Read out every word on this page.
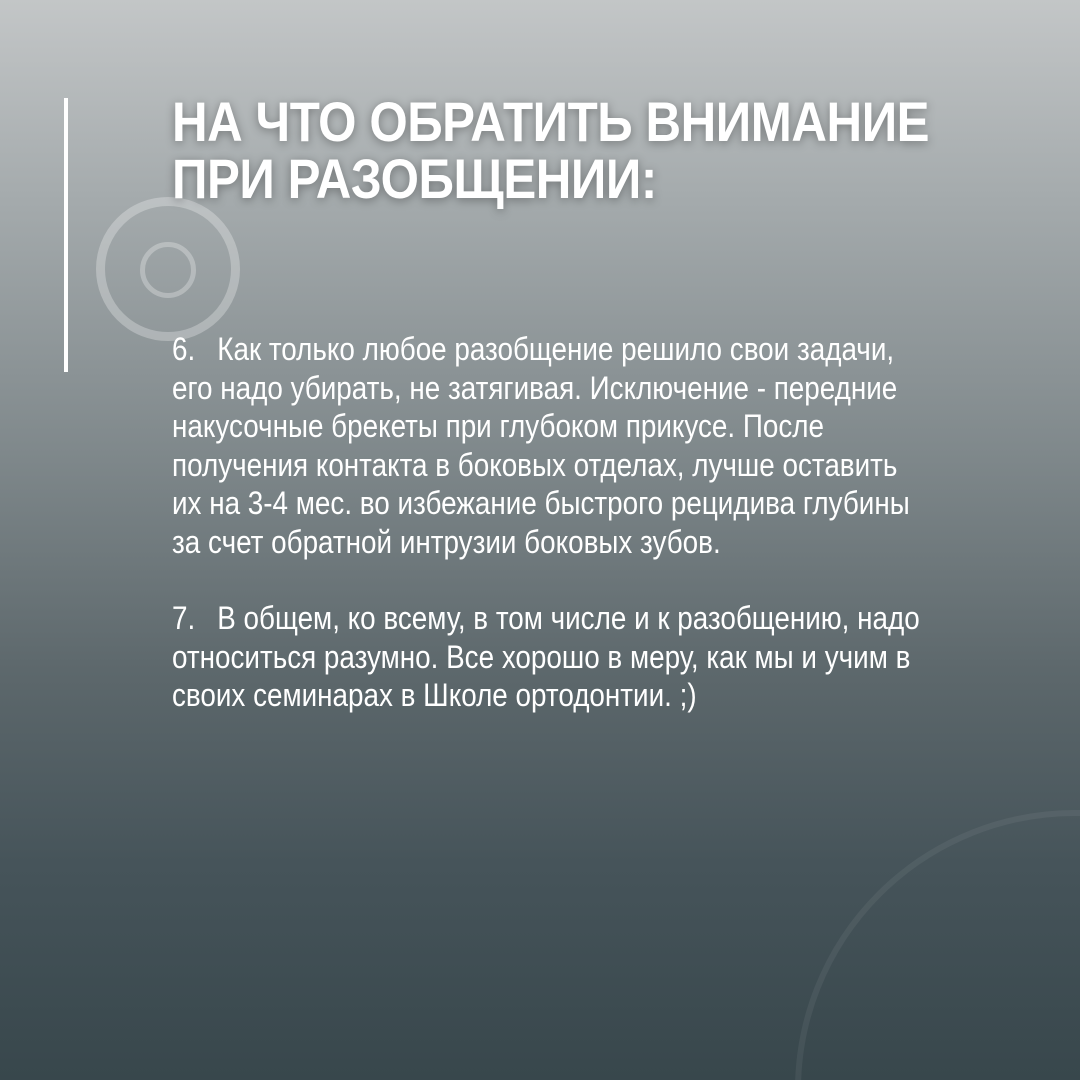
НА ЧТО ОБРАТИТЬ ВНИМАНИЕ
ПРИ РАЗОБЩЕНИИ:
6. Как только любое разобщение решило свои задачи,
его надо убирать, не затягивая. Исключение - передние
накусочные брекеты при глубоком прикусе. После
получения контакта в боковых отделах, лучше оставить
их на 3-4 мес. во избежание быстрого рецидива глубины
за счет обратной интрузии боковых зубов.
7. В общем, ко всему, в том числе и к разобщению, надо
относиться разумно. Все хорошо в меру, как мы и учим в
своих семинарах в Школе ортодонтии. ;)
